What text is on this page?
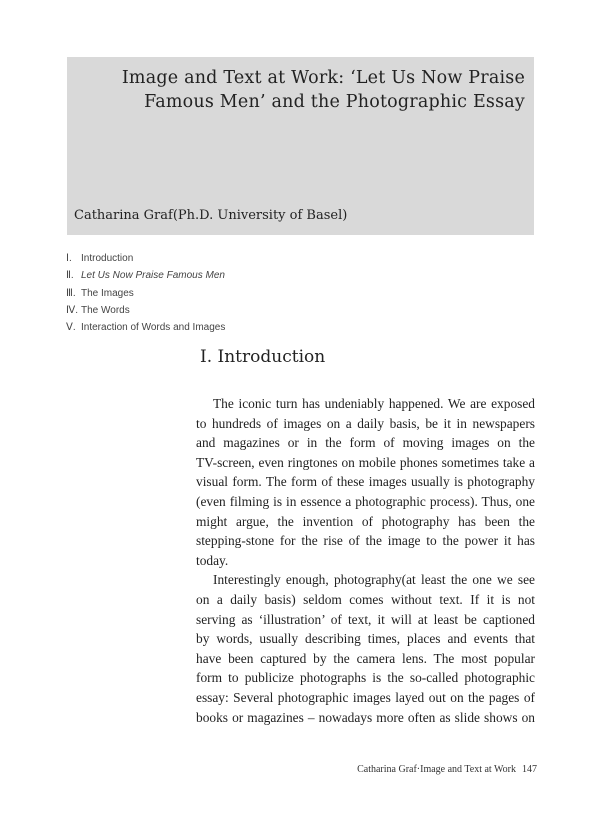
Image and Text at Work: ‘Let Us Now Praise
Famous Men’ and the Photographic Essay

Catharina Graf(Ph.D. University of Basel)

Ⅰ. Introduction
Ⅱ. Let Us Now Praise Famous Men
Ⅲ. The Images
Ⅳ. The Words
Ⅴ. Interaction of Words and Images
Ⅰ. Introduction
The iconic turn has undeniably happened. We are exposed
to hundreds of images on a daily basis, be it in newspapers
and magazines or in the form of moving images on the
TV-screen, even ringtones on mobile phones sometimes take a
visual form. The form of these images usually is photography
(even filming is in essence a photographic process). Thus, one
might argue, the invention of photography has been the
stepping-stone for the rise of the image to the power it has
today.
Interestingly enough, photography(at least the one we see
on a daily basis) seldom comes without text. If it is not
serving as ‘illustration’ of text, it will at least be captioned
by words, usually describing times, places and events that
have been captured by the camera lens. The most popular
form to publicize photographs is the so-called photographic
essay: Several photographic images layed out on the pages of
books or magazines – nowadays more often as slide shows on
Catharina Graf·Image and Text at Work 147
